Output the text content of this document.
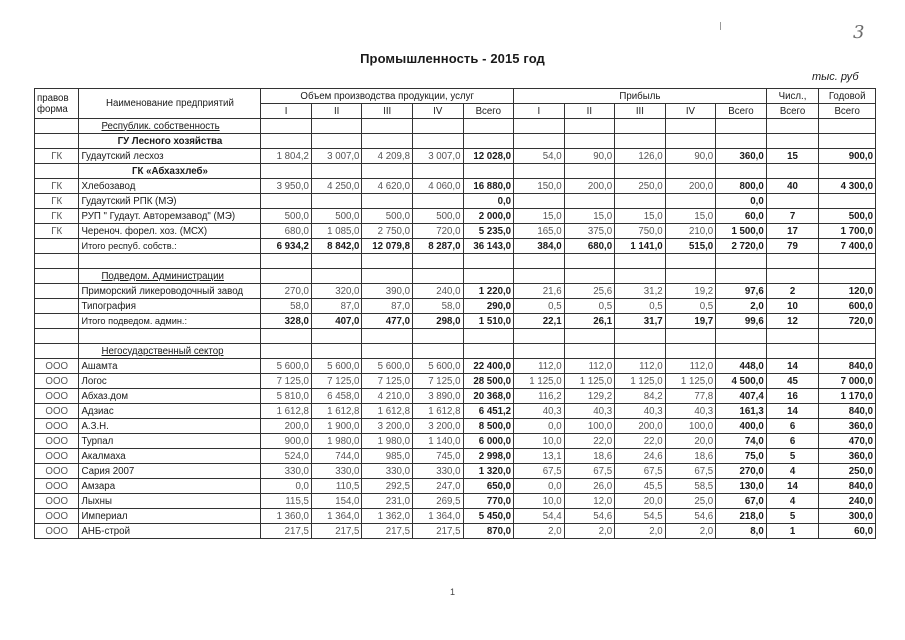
3
Промышленность - 2015 год
тыс. руб
правов форма	Наименование предприятий	Объем производства продукции, услуг					Прибыль					Числ.,	Годовой
		I	II	III	IV	Всего	I	II	III	IV	Всего	Всего	Всего
	Республик. собственность												
	ГУ Лесного хозяйства												
ГК	Гудаутский лесхоз	1 804,2	3 007,0	4 209,8	3 007,0	12 028,0	54,0	90,0	126,0	90,0	360,0	15	900,0
	ГК «Абхазхлеб»												
ГК	Хлебозавод	3 950,0	4 250,0	4 620,0	4 060,0	16 880,0	150,0	200,0	250,0	200,0	800,0	40	4 300,0
ГК	Гудаутский РПК (МЭ)					0,0					0,0		
ГК	РУП " Гудаут. Авторемзавод" (МЭ)	500,0	500,0	500,0	500,0	2 000,0	15,0	15,0	15,0	15,0	60,0	7	500,0
ГК	Череноч. форел. хоз. (МСХ)	680,0	1 085,0	2 750,0	720,0	5 235,0	165,0	375,0	750,0	210,0	1 500,0	17	1 700,0
	Итого респуб. собств.:	6 934,2	8 842,0	12 079,8	8 287,0	36 143,0	384,0	680,0	1 141,0	515,0	2 720,0	79	7 400,0

	Подведом. Администрации												
	Приморский ликероводочный завод	270,0	320,0	390,0	240,0	1 220,0	21,6	25,6	31,2	19,2	97,6	2	120,0
	Типография	58,0	87,0	87,0	58,0	290,0	0,5	0,5	0,5	0,5	2,0	10	600,0
	Итого подведом. админ.:	328,0	407,0	477,0	298,0	1 510,0	22,1	26,1	31,7	19,7	99,6	12	720,0

	Негосударственный сектор												
ООО	Ашамта	5 600,0	5 600,0	5 600,0	5 600,0	22 400,0	112,0	112,0	112,0	112,0	448,0	14	840,0
ООО	Логос	7 125,0	7 125,0	7 125,0	7 125,0	28 500,0	1 125,0	1 125,0	1 125,0	1 125,0	4 500,0	45	7 000,0
ООО	Абхаз.дом	5 810,0	6 458,0	4 210,0	3 890,0	20 368,0	116,2	129,2	84,2	77,8	407,4	16	1 170,0
ООО	Адзиас	1 612,8	1 612,8	1 612,8	1 612,8	6 451,2	40,3	40,3	40,3	40,3	161,3	14	840,0
ООО	А.З.Н.	200,0	1 900,0	3 200,0	3 200,0	8 500,0	0,0	100,0	200,0	100,0	400,0	6	360,0
ООО	Турпал	900,0	1 980,0	1 980,0	1 140,0	6 000,0	10,0	22,0	22,0	20,0	74,0	6	470,0
ООО	Акалмаха	524,0	744,0	985,0	745,0	2 998,0	13,1	18,6	24,6	18,6	75,0	5	360,0
ООО	Сария 2007	330,0	330,0	330,0	330,0	1 320,0	67,5	67,5	67,5	67,5	270,0	4	250,0
ООО	Амзара	0,0	110,5	292,5	247,0	650,0	0,0	26,0	45,5	58,5	130,0	14	840,0
ООО	Лыхны	115,5	154,0	231,0	269,5	770,0	10,0	12,0	20,0	25,0	67,0	4	240,0
ООО	Империал	1 360,0	1 364,0	1 362,0	1 364,0	5 450,0	54,4	54,6	54,5	54,6	218,0	5	300,0
ООО	АНБ-строй	217,5	217,5	217,5	217,5	870,0	2,0	2,0	2,0	2,0	8,0	1	60,0
1
